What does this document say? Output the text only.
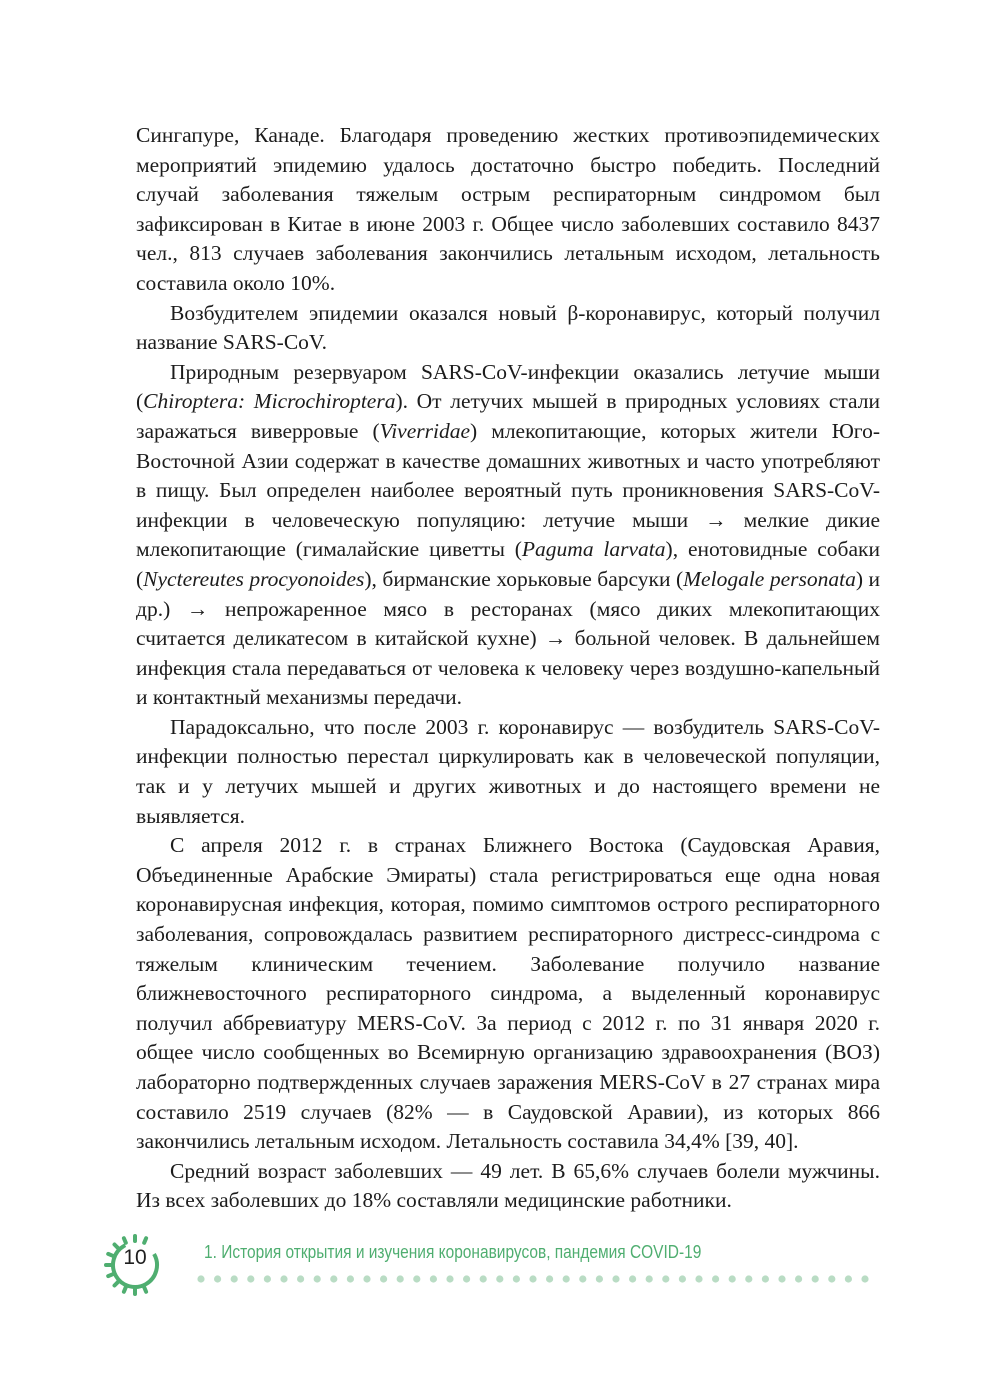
Сингапуре, Канаде. Благодаря проведению жестких противоэпидемических мероприятий эпидемию удалось достаточно быстро победить. Последний случай заболевания тяжелым острым респираторным синдромом был зафиксирован в Китае в июне 2003 г. Общее число заболевших составило 8437 чел., 813 случаев заболевания закончились летальным исходом, летальность составила около 10%.

Возбудителем эпидемии оказался новый β-коронавирус, который получил название SARS-CoV.

Природным резервуаром SARS-CoV-инфекции оказались летучие мыши (Chiroptera: Microchiroptera). От летучих мышей в природных условиях стали заражаться виверровые (Viverridae) млекопитающие, которых жители Юго-Восточной Азии содержат в качестве домашних животных и часто употребляют в пищу. Был определен наиболее вероятный путь проникновения SARS-CoV-инфекции в человеческую популяцию: летучие мыши → мелкие дикие млекопитающие (гималайские циветты (Paguma larvata), енотовидные собаки (Nyctereutes procyonoides), бирманские хорьковые барсуки (Melogale personata) и др.) → непрожаренное мясо в ресторанах (мясо диких млекопитающих считается деликатесом в китайской кухне) → больной человек. В дальнейшем инфекция стала передаваться от человека к человеку через воздушно-капельный и контактный механизмы передачи.

Парадоксально, что после 2003 г. коронавирус — возбудитель SARS-CoV-инфекции полностью перестал циркулировать как в человеческой популяции, так и у летучих мышей и других животных и до настоящего времени не выявляется.

С апреля 2012 г. в странах Ближнего Востока (Саудовская Аравия, Объединенные Арабские Эмираты) стала регистрироваться еще одна новая коронавирусная инфекция, которая, помимо симптомов острого респираторного заболевания, сопровождалась развитием респираторного дистресс-синдрома с тяжелым клиническим течением. Заболевание получило название ближневосточного респираторного синдрома, а выделенный коронавирус получил аббревиатуру MERS-CoV. За период с 2012 г. по 31 января 2020 г. общее число сообщенных во Всемирную организацию здравоохранения (ВОЗ) лабораторно подтвержденных случаев заражения MERS-CoV в 27 странах мира составило 2519 случаев (82% — в Саудовской Аравии), из которых 866 закончились летальным исходом. Летальность составила 34,4% [39, 40].

Средний возраст заболевших — 49 лет. В 65,6% случаев болели мужчины. Из всех заболевших до 18% составляли медицинские работники.

10	1. История открытия и изучения коронавирусов, пандемия COVID-19
